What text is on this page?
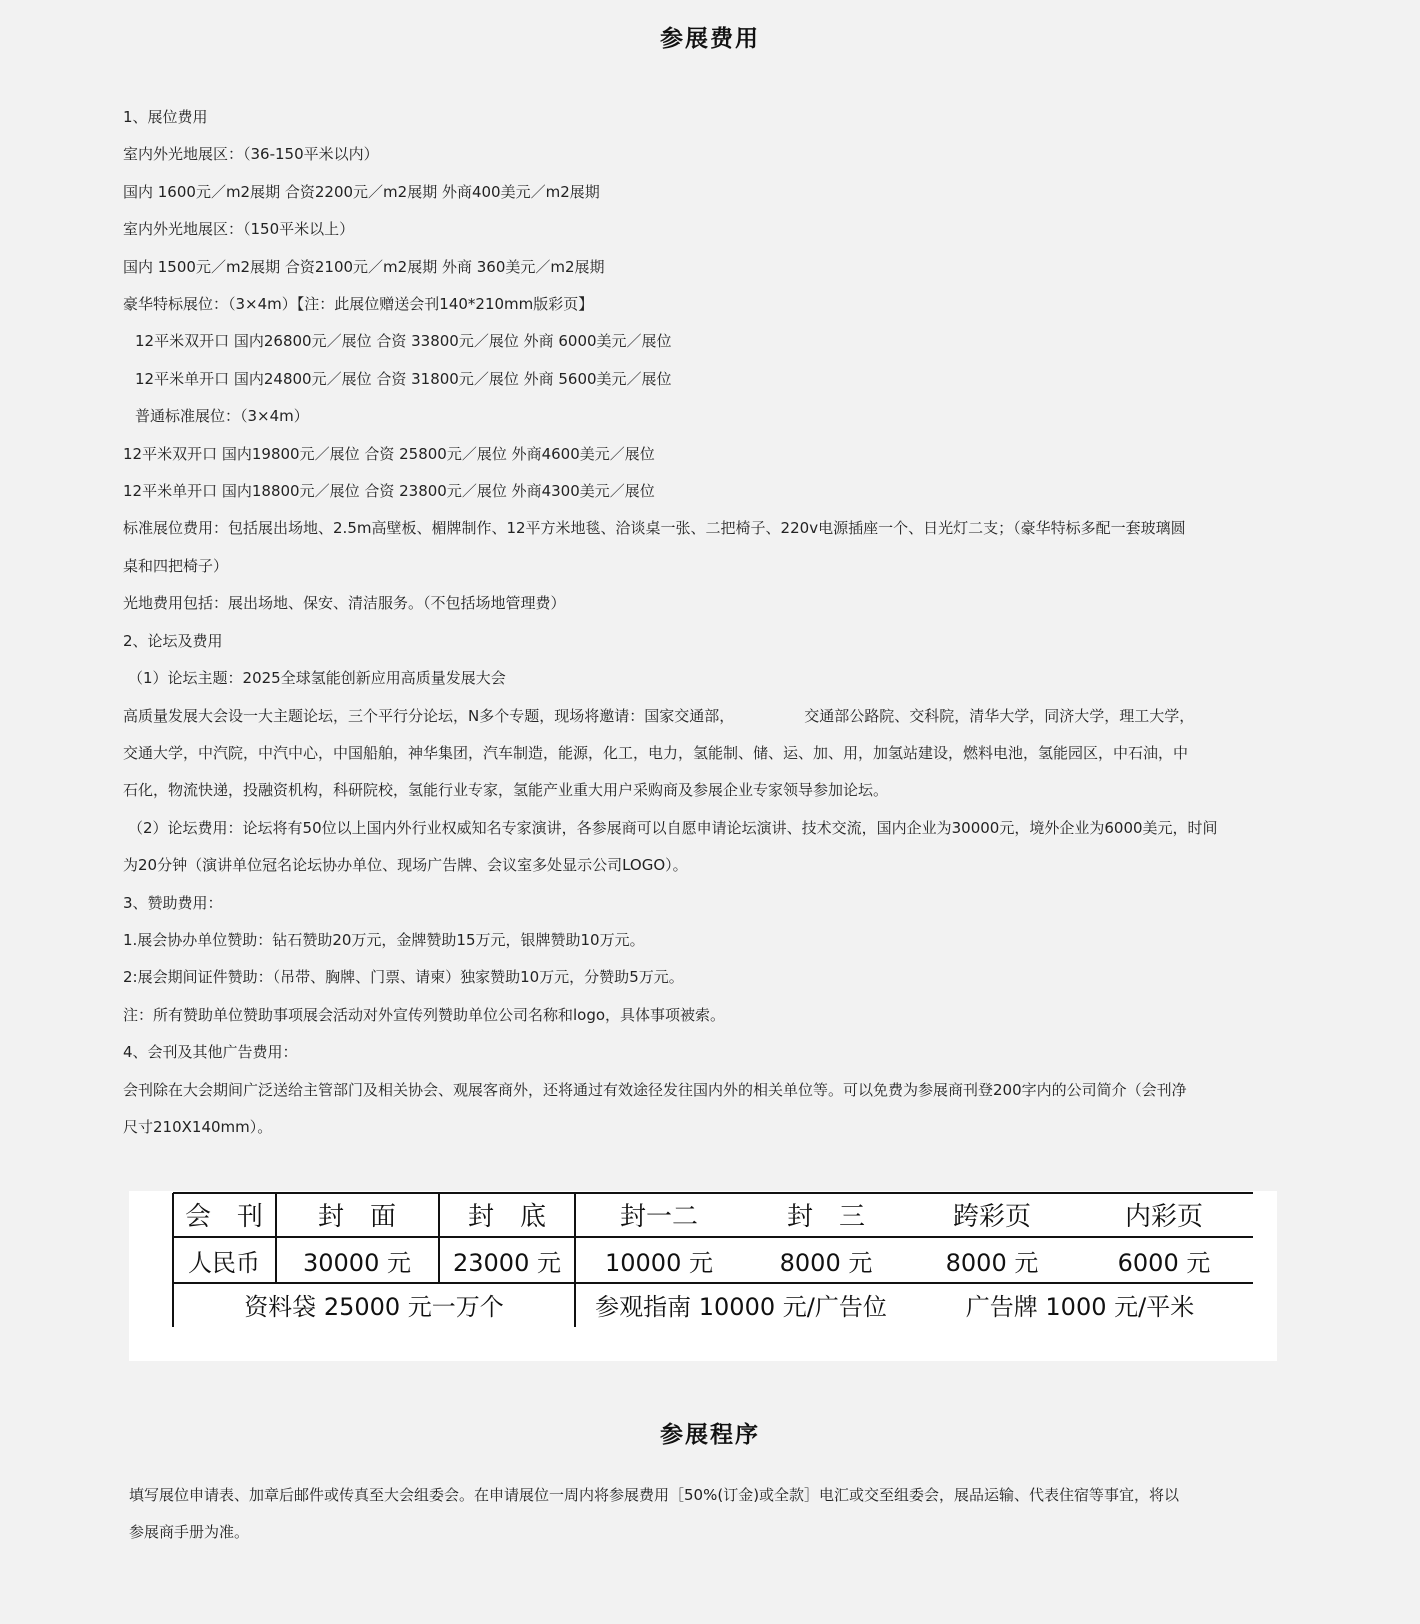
参展费用
1、展位费用
室内外光地展区：（36-150平米以内）
国内 1600元／m2展期 合资2200元／m2展期 外商400美元／m2展期
室内外光地展区：（150平米以上）
国内 1500元／m2展期 合资2100元／m2展期 外商 360美元／m2展期
豪华特标展位：（3×4m）【注：此展位赠送会刊140*210mm版彩页】
12平米双开口 国内26800元／展位 合资 33800元／展位 外商 6000美元／展位
12平米单开口 国内24800元／展位 合资 31800元／展位 外商 5600美元／展位
普通标准展位：（3×4m）
12平米双开口 国内19800元／展位 合资 25800元／展位 外商4600美元／展位
12平米单开口 国内18800元／展位 合资 23800元／展位 外商4300美元／展位
标准展位费用：包括展出场地、2.5m高壁板、楣牌制作、12平方米地毯、洽谈桌一张、二把椅子、220v电源插座一个、日光灯二支；（豪华特标多配一套玻璃圆
桌和四把椅子）
光地费用包括：展出场地、保安、清洁服务。（不包括场地管理费）
2、论坛及费用
（1）论坛主题：2025全球氢能创新应用高质量发展大会
高质量发展大会设一大主题论坛，三个平行分论坛，N多个专题，现场将邀请：国家交通部，	交通部公路院、交科院，清华大学，同济大学，理工大学，
交通大学，中汽院，中汽中心，中国船舶，神华集团，汽车制造，能源，化工，电力，氢能制、储、运、加、用，加氢站建设，燃料电池，氢能园区，中石油，中
石化，物流快递，投融资机构，科研院校，氢能行业专家，氢能产业重大用户采购商及参展企业专家领导参加论坛。
（2）论坛费用：论坛将有50位以上国内外行业权威知名专家演讲，各参展商可以自愿申请论坛演讲、技术交流，国内企业为30000元，境外企业为6000美元，时间
为20分钟（演讲单位冠名论坛协办单位、现场广告牌、会议室多处显示公司LOGO）。
3、赞助费用：
1.展会协办单位赞助：钻石赞助20万元，金牌赞助15万元，银牌赞助10万元。
2:展会期间证件赞助：（吊带、胸牌、门票、请柬）独家赞助10万元，分赞助5万元。
注：所有赞助单位赞助事项展会活动对外宣传列赞助单位公司名称和logo，具体事项被索。
4、会刊及其他广告费用：
会刊除在大会期间广泛送给主管部门及相关协会、观展客商外，还将通过有效途径发往国内外的相关单位等。可以免费为参展商刊登200字内的公司简介（会刊净
尺寸210X140mm）。
会　刊 封　面	封　底	封一二	封　三	跨彩页	内彩页
人民币 30000 元 23000 元 10000 元	8000 元	8000 元	6000 元
资料袋 25000 元一万个	参观指南 10000 元/广告位	广告牌 1000 元/平米
参展程序
填写展位申请表、加章后邮件或传真至大会组委会。在申请展位一周内将参展费用［50%(订金)或全款］电汇或交至组委会，展品运输、代表住宿等事宜，将以
参展商手册为准。
